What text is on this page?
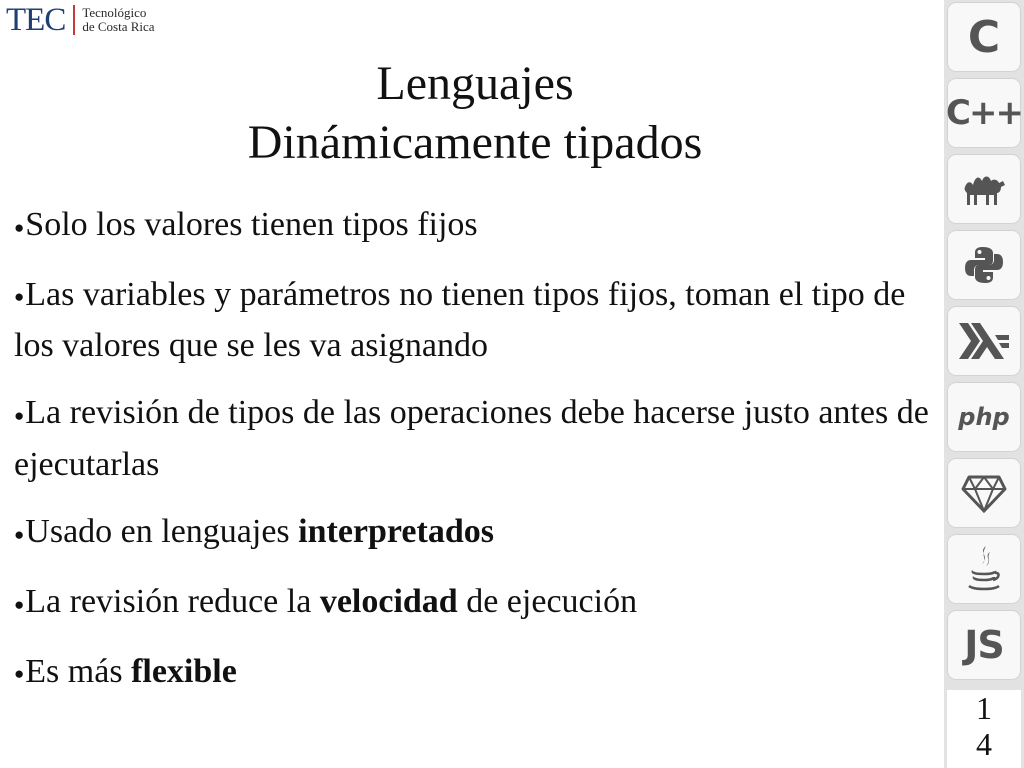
TEC Tecnológico
de Costa Rica
Lenguajes
Dinámicamente tipados
●Solo los valores tienen tipos fijos
●Las variables y parámetros no tienen tipos fijos, toman el tipo de los valores que se les va asignando
●La revisión de tipos de las operaciones debe hacerse justo antes de ejecutarlas
●Usado en lenguajes interpretados
●La revisión reduce la velocidad de ejecución
●Es más flexible
C
C++
php
JS
1
4
